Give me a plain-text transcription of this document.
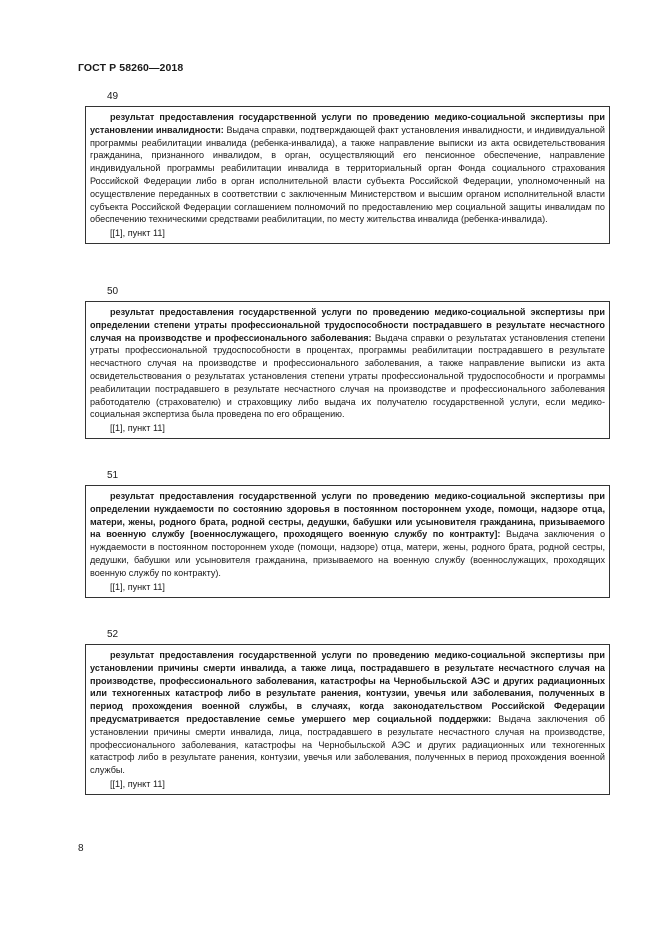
ГОСТ Р 58260—2018
49

результат предоставления государственной услуги по проведению медико-социальной экспертизы при установлении инвалидности: Выдача справки, подтверждающей факт установления инвалидности, и индивидуальной программы реабилитации инвалида (ребенка-инвалида), а также направление выписки из акта освидетельствования гражданина, признанного инвалидом, в орган, осуществляющий его пенсионное обеспечение, направление индивидуальной программы реабилитации инвалида в территориальный орган Фонда социального страхования Российской Федерации либо в орган исполнительной власти субъекта Российской Федерации, уполномоченный на осуществление переданных в соответствии с заключенным Министерством и высшим органом исполнительной власти субъекта Российской Федерации соглашением полномочий по предоставлению мер социальной защиты инвалидам по обеспечению техническими средствами реабилитации, по месту жительства инвалида (ребенка-инвалида).

[[1], пункт 11]
50

результат предоставления государственной услуги по проведению медико-социальной экспертизы при определении степени утраты профессиональной трудоспособности пострадавшего в результате несчастного случая на производстве и профессионального заболевания: Выдача справки о результатах установления степени утраты профессиональной трудоспособности в процентах, программы реабилитации пострадавшего в результате несчастного случая на производстве и профессионального заболевания, а также направление выписки из акта освидетельствования о результатах установления степени утраты профессиональной трудоспособности и программы реабилитации пострадавшего в результате несчастного случая на производстве и профессионального заболевания работодателю (страхователю) и страховщику либо выдача их получателю государственной услуги, если медико-социальная экспертиза была проведена по его обращению.

[[1], пункт 11]
51

результат предоставления государственной услуги по проведению медико-социальной экспертизы при определении нуждаемости по состоянию здоровья в постоянном постороннем уходе, помощи, надзоре отца, матери, жены, родного брата, родной сестры, дедушки, бабушки или усыновителя гражданина, призываемого на военную службу [военнослужащего, проходящего военную службу по контракту]: Выдача заключения о нуждаемости в постоянном постороннем уходе (помощи, надзоре) отца, матери, жены, родного брата, родной сестры, дедушки, бабушки или усыновителя гражданина, призываемого на военную службу (военнослужащих, проходящих военную службу по контракту).

[[1], пункт 11]
52

результат предоставления государственной услуги по проведению медико-социальной экспертизы при установлении причины смерти инвалида, а также лица, пострадавшего в результате несчастного случая на производстве, профессионального заболевания, катастрофы на Чернобыльской АЭС и других радиационных или техногенных катастроф либо в результате ранения, контузии, увечья или заболевания, полученных в период прохождения военной службы, в случаях, когда законодательством Российской Федерации предусматривается предоставление семье умершего мер социальной поддержки: Выдача заключения об установлении причины смерти инвалида, лица, пострадавшего в результате несчастного случая на производстве, профессионального заболевания, катастрофы на Чернобыльской АЭС и других радиационных или техногенных катастроф либо в результате ранения, контузии, увечья или заболевания, полученных в период прохождения военной службы.

[[1], пункт 11]
8
